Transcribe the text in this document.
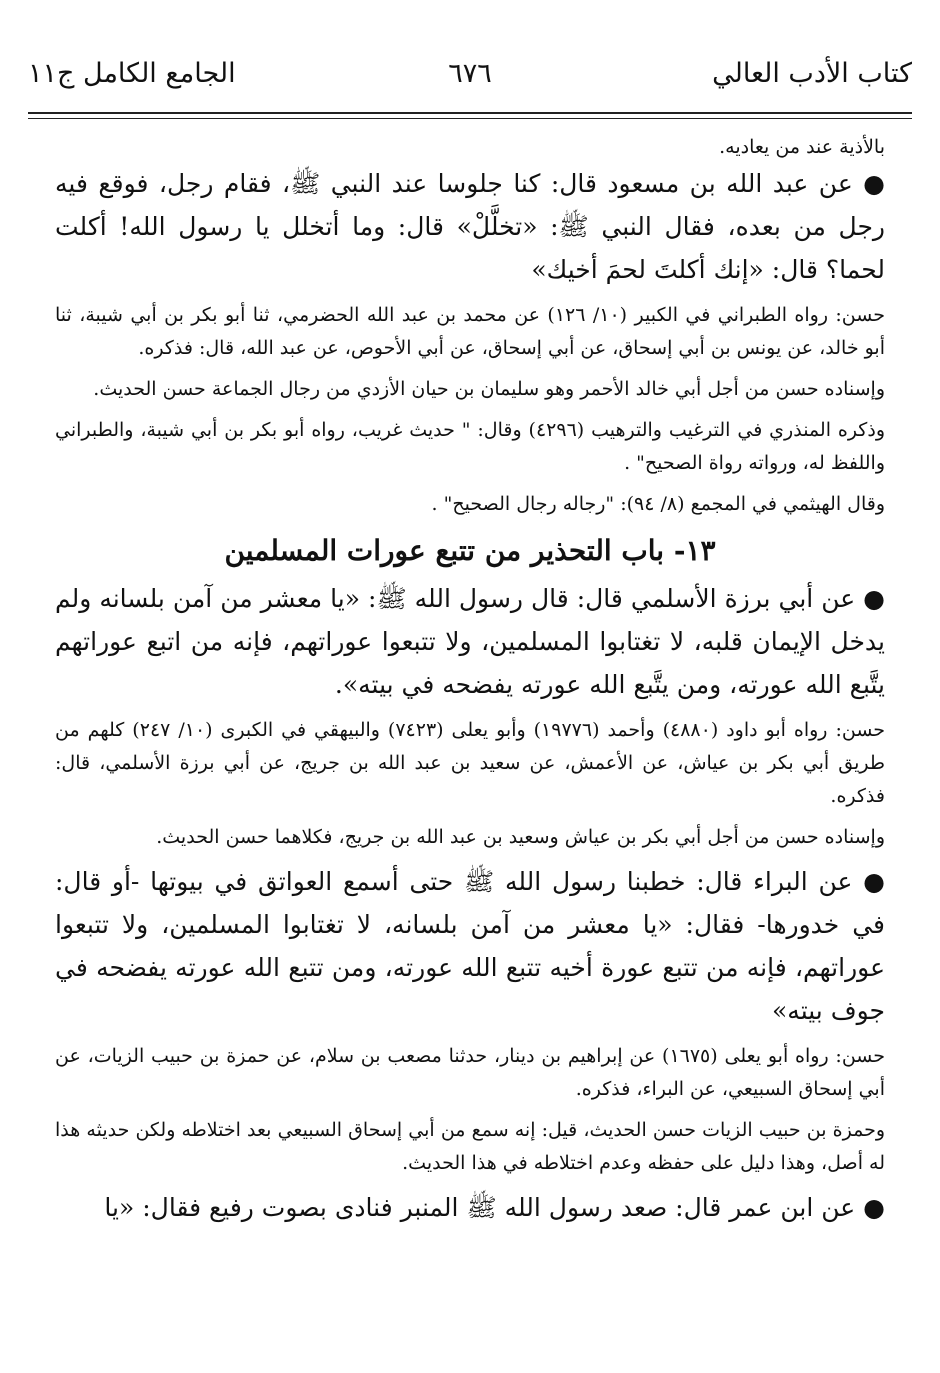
كتاب الأدب العالي
٦٧٦
الجامع الكامل ج١١

بالأذية عند من يعاديه.

● عن عبد الله بن مسعود قال: كنا جلوسا عند النبي ﷺ، فقام رجل، فوقع فيه رجل من بعده، فقال النبي ﷺ: «تخلَّلْ» قال: وما أتخلل يا رسول الله! أكلت لحما؟ قال: «إنك أكلتَ لحمَ أخيك»

حسن: رواه الطبراني في الكبير (١٠/ ١٢٦) عن محمد بن عبد الله الحضرمي، ثنا أبو بكر بن أبي شيبة، ثنا أبو خالد، عن يونس بن أبي إسحاق، عن أبي إسحاق، عن أبي الأحوص، عن عبد الله، قال: فذكره.

وإسناده حسن من أجل أبي خالد الأحمر وهو سليمان بن حيان الأزدي من رجال الجماعة حسن الحديث.

وذكره المنذري في الترغيب والترهيب (٤٢٩٦) وقال: " حديث غريب، رواه أبو بكر بن أبي شيبة، والطبراني واللفظ له، ورواته رواة الصحيح" .

وقال الهيثمي في المجمع (٨/ ٩٤): "رجاله رجال الصحيح" .

١٣- باب التحذير من تتبع عورات المسلمين

● عن أبي برزة الأسلمي قال: قال رسول الله ﷺ: «يا معشر من آمن بلسانه ولم يدخل الإيمان قلبه، لا تغتابوا المسلمين، ولا تتبعوا عوراتهم، فإنه من اتبع عوراتهم يتَّبع الله عورته، ومن يتَّبع الله عورته يفضحه في بيته».

حسن: رواه أبو داود (٤٨٨٠) وأحمد (١٩٧٧٦) وأبو يعلى (٧٤٢٣) والبيهقي في الكبرى (١٠/ ٢٤٧) كلهم من طريق أبي بكر بن عياش، عن الأعمش، عن سعيد بن عبد الله بن جريج، عن أبي برزة الأسلمي، قال: فذكره.

وإسناده حسن من أجل أبي بكر بن عياش وسعيد بن عبد الله بن جريج، فكلاهما حسن الحديث.

● عن البراء قال: خطبنا رسول الله ﷺ حتى أسمع العواتق في بيوتها -أو قال: في خدورها- فقال: «يا معشر من آمن بلسانه، لا تغتابوا المسلمين، ولا تتبعوا عوراتهم، فإنه من تتبع عورة أخيه تتبع الله عورته، ومن تتبع الله عورته يفضحه في جوف بيته»

حسن: رواه أبو يعلى (١٦٧٥) عن إبراهيم بن دينار، حدثنا مصعب بن سلام، عن حمزة بن حبيب الزيات، عن أبي إسحاق السبيعي، عن البراء، فذكره.

وحمزة بن حبيب الزيات حسن الحديث، قيل: إنه سمع من أبي إسحاق السبيعي بعد اختلاطه ولكن حديثه هذا له أصل، وهذا دليل على حفظه وعدم اختلاطه في هذا الحديث.

● عن ابن عمر قال: صعد رسول الله ﷺ المنبر فنادى بصوت رفيع فقال: «يا
